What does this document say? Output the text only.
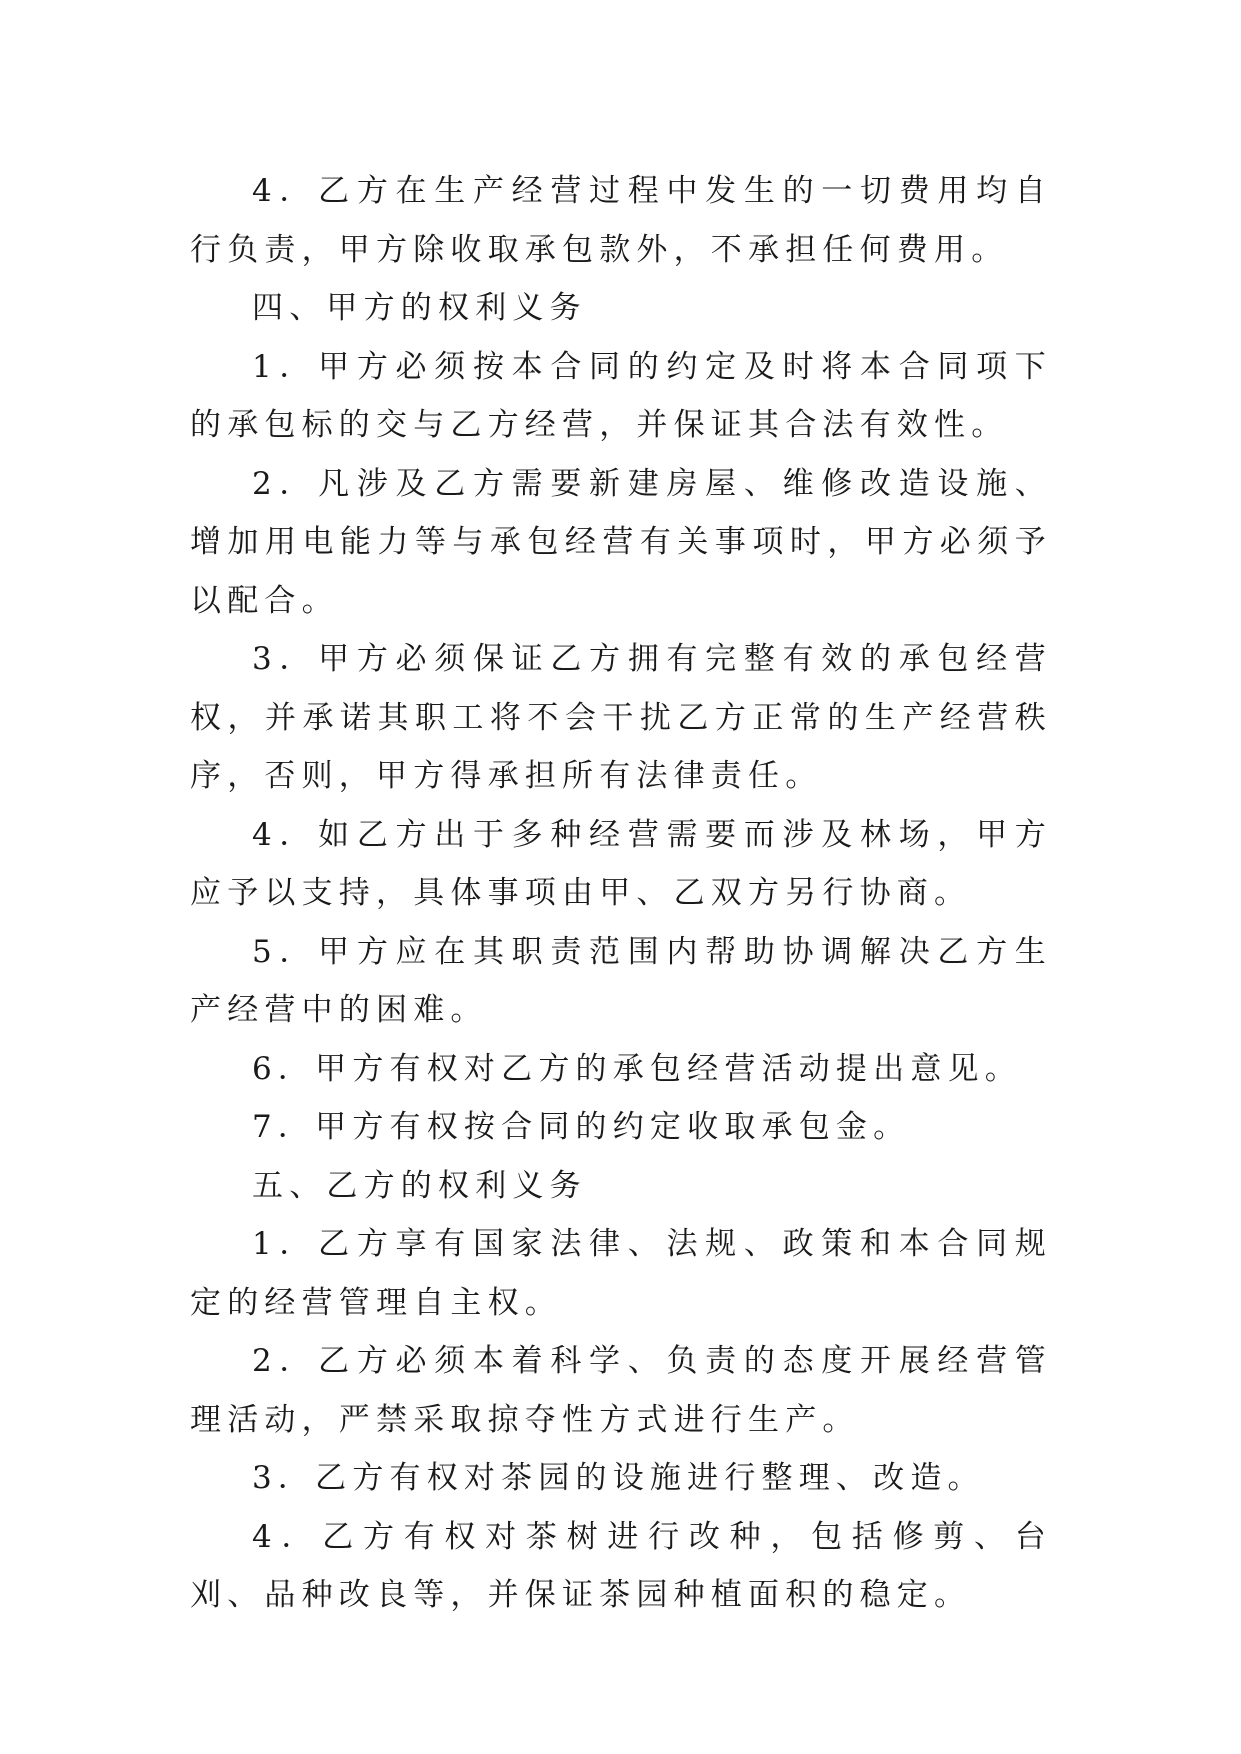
4．乙方在生产经营过程中发生的一切费用均自行负责，甲方除收取承包款外，不承担任何费用。

四、甲方的权利义务

1．甲方必须按本合同的约定及时将本合同项下的承包标的交与乙方经营，并保证其合法有效性。

2．凡涉及乙方需要新建房屋、维修改造设施、增加用电能力等与承包经营有关事项时，甲方必须予以配合。

3．甲方必须保证乙方拥有完整有效的承包经营权，并承诺其职工将不会干扰乙方正常的生产经营秩序，否则，甲方得承担所有法律责任。

4．如乙方出于多种经营需要而涉及林场，甲方应予以支持，具体事项由甲、乙双方另行协商。

5．甲方应在其职责范围内帮助协调解决乙方生产经营中的困难。

6．甲方有权对乙方的承包经营活动提出意见。

7．甲方有权按合同的约定收取承包金。

五、乙方的权利义务

1．乙方享有国家法律、法规、政策和本合同规定的经营管理自主权。

2．乙方必须本着科学、负责的态度开展经营管理活动，严禁采取掠夺性方式进行生产。

3．乙方有权对茶园的设施进行整理、改造。

4．乙方有权对茶树进行改种，包括修剪、台刈、品种改良等，并保证茶园种植面积的稳定。
